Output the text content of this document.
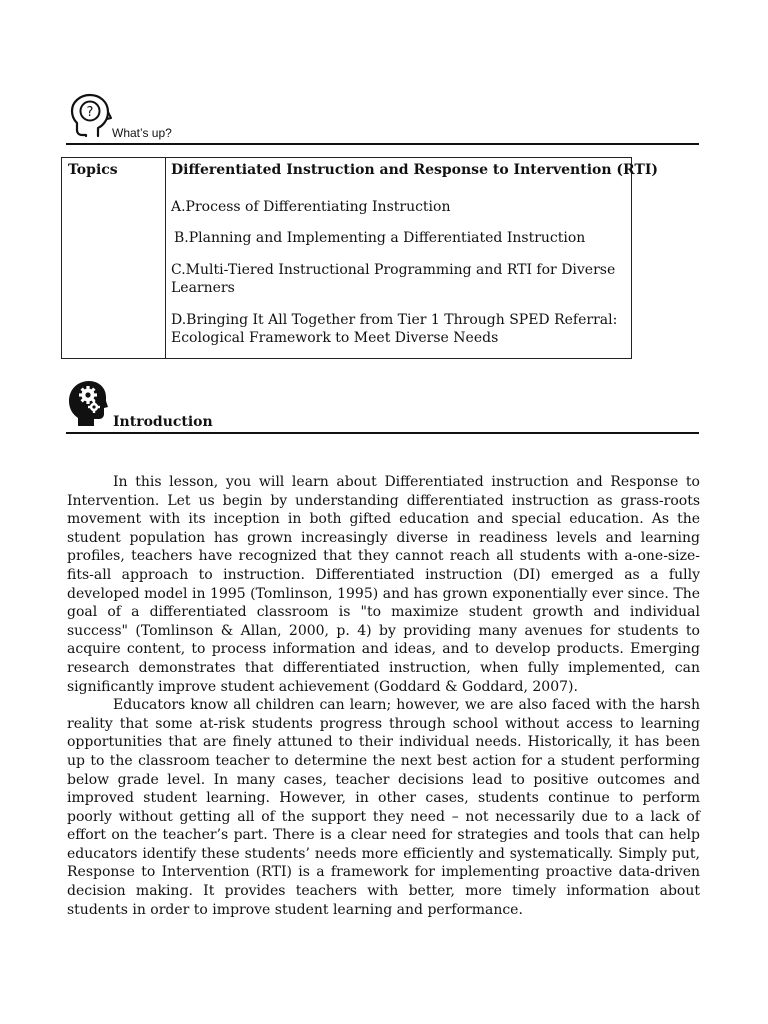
?
What’s up?
Topics	Differentiated Instruction and Response to Intervention (RTI)
A.Process of Differentiating Instruction
B.Planning and Implementing a Differentiated Instruction
C.Multi-Tiered Instructional Programming and RTI for Diverse Learners
D.Bringing It All Together from Tier 1 Through SPED Referral: Ecological Framework to Meet Diverse Needs
Introduction

In this lesson, you will learn about Differentiated instruction and Response to Intervention. Let us begin by understanding differentiated instruction as grass-roots movement with its inception in both gifted education and special education. As the student population has grown increasingly diverse in readiness levels and learning profiles, teachers have recognized that they cannot reach all students with a-one-size-fits-all approach to instruction. Differentiated instruction (DI) emerged as a fully developed model in 1995 (Tomlinson, 1995) and has grown exponentially ever since. The goal of a differentiated classroom is "to maximize student growth and individual success" (Tomlinson & Allan, 2000, p. 4) by providing many avenues for students to acquire content, to process information and ideas, and to develop products. Emerging research demonstrates that differentiated instruction, when fully implemented, can significantly improve student achievement (Goddard & Goddard, 2007).

Educators know all children can learn; however, we are also faced with the harsh reality that some at-risk students progress through school without access to learning opportunities that are finely attuned to their individual needs. Historically, it has been up to the classroom teacher to determine the next best action for a student performing below grade level. In many cases, teacher decisions lead to positive outcomes and improved student learning. However, in other cases, students continue to perform poorly without getting all of the support they need – not necessarily due to a lack of effort on the teacher’s part. There is a clear need for strategies and tools that can help educators identify these students’ needs more efficiently and systematically. Simply put, Response to Intervention (RTI) is a framework for implementing proactive data-driven decision making. It provides teachers with better, more timely information about students in order to improve student learning and performance.
